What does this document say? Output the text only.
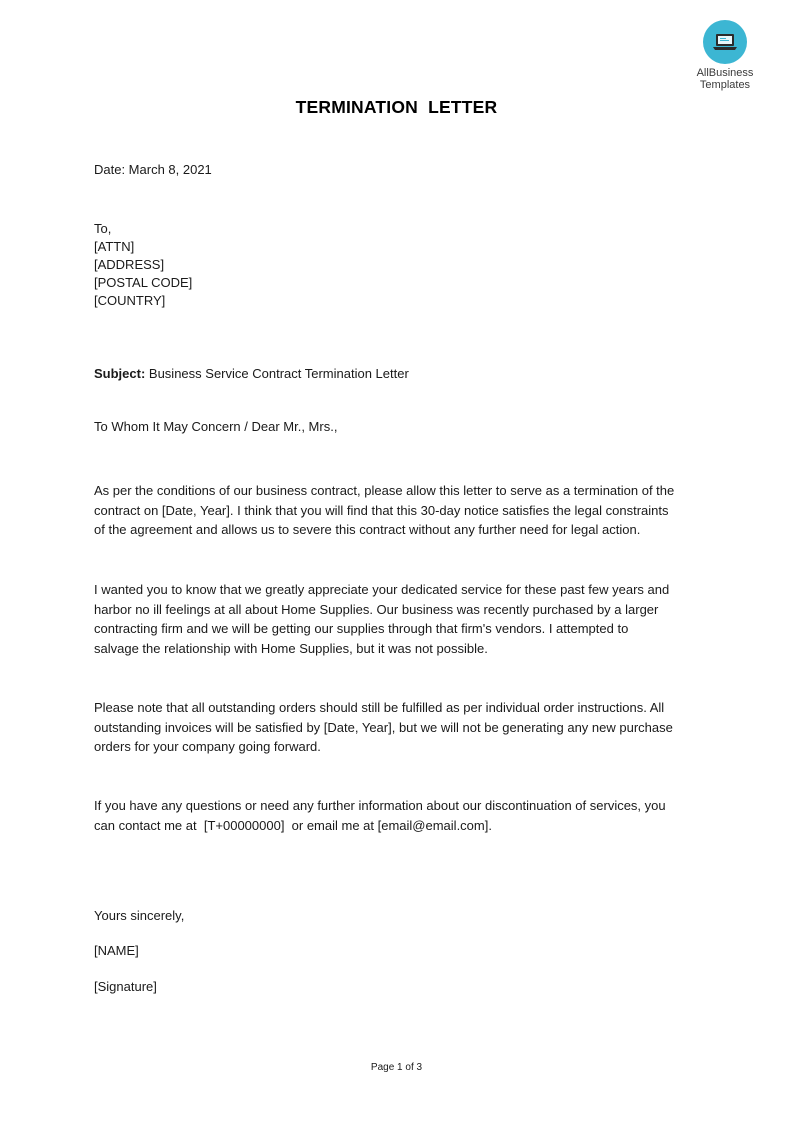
AllBusiness
Templates
TERMINATION  LETTER
Date: March 8, 2021
To,
[ATTN]
[ADDRESS]
[POSTAL CODE]
[COUNTRY]
Subject: Business Service Contract Termination Letter
To Whom It May Concern / Dear Mr., Mrs.,
As per the conditions of our business contract, please allow this letter to serve as a termination of the
contract on [Date, Year]. I think that you will find that this 30-day notice satisfies the legal constraints
of the agreement and allows us to severe this contract without any further need for legal action.
I wanted you to know that we greatly appreciate your dedicated service for these past few years and
harbor no ill feelings at all about Home Supplies. Our business was recently purchased by a larger
contracting firm and we will be getting our supplies through that firm's vendors. I attempted to
salvage the relationship with Home Supplies, but it was not possible.
Please note that all outstanding orders should still be fulfilled as per individual order instructions. All
outstanding invoices will be satisfied by [Date, Year], but we will not be generating any new purchase
orders for your company going forward.
If you have any questions or need any further information about our discontinuation of services, you
can contact me at  [T+00000000]  or email me at [email@email.com].
Yours sincerely,
[NAME]
[Signature]
Page 1 of 3
